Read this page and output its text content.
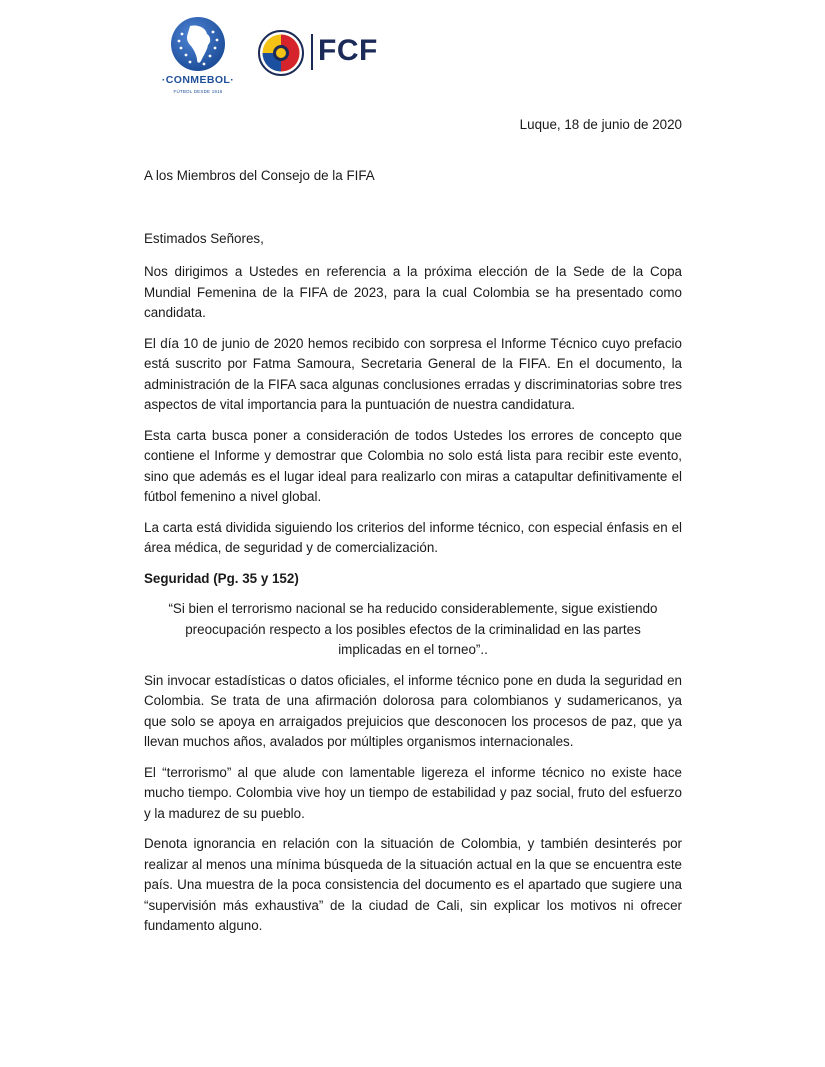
·CONMEBOL·
FÚTBOL DESDE 1916
FCF
Luque, 18 de junio de 2020
A los Miembros del Consejo de la FIFA
Estimados Señores,

Nos dirigimos a Ustedes en referencia a la próxima elección de la Sede de la Copa Mundial Femenina de la FIFA de 2023, para la cual Colombia se ha presentado como candidata.

El día 10 de junio de 2020 hemos recibido con sorpresa el Informe Técnico cuyo prefacio está suscrito por Fatma Samoura, Secretaria General de la FIFA. En el documento, la administración de la FIFA saca algunas conclusiones erradas y discriminatorias sobre tres aspectos de vital importancia para la puntuación de nuestra candidatura.

Esta carta busca poner a consideración de todos Ustedes los errores de concepto que contiene el Informe y demostrar que Colombia no solo está lista para recibir este evento, sino que además es el lugar ideal para realizarlo con miras a catapultar definitivamente el fútbol femenino a nivel global.

La carta está dividida siguiendo los criterios del informe técnico, con especial énfasis en el área médica, de seguridad y de comercialización.

Seguridad (Pg. 35 y 152)

“Si bien el terrorismo nacional se ha reducido considerablemente, sigue existiendo preocupación respecto a los posibles efectos de la criminalidad en las partes implicadas en el torneo”..

Sin invocar estadísticas o datos oficiales, el informe técnico pone en duda la seguridad en Colombia. Se trata de una afirmación dolorosa para colombianos y sudamericanos, ya que solo se apoya en arraigados prejuicios que desconocen los procesos de paz, que ya llevan muchos años, avalados por múltiples organismos internacionales.

El “terrorismo” al que alude con lamentable ligereza el informe técnico no existe hace mucho tiempo. Colombia vive hoy un tiempo de estabilidad y paz social, fruto del esfuerzo y la madurez de su pueblo.

Denota ignorancia en relación con la situación de Colombia, y también desinterés por realizar al menos una mínima búsqueda de la situación actual en la que se encuentra este país. Una muestra de la poca consistencia del documento es el apartado que sugiere una “supervisión más exhaustiva” de la ciudad de Cali, sin explicar los motivos ni ofrecer fundamento alguno.
